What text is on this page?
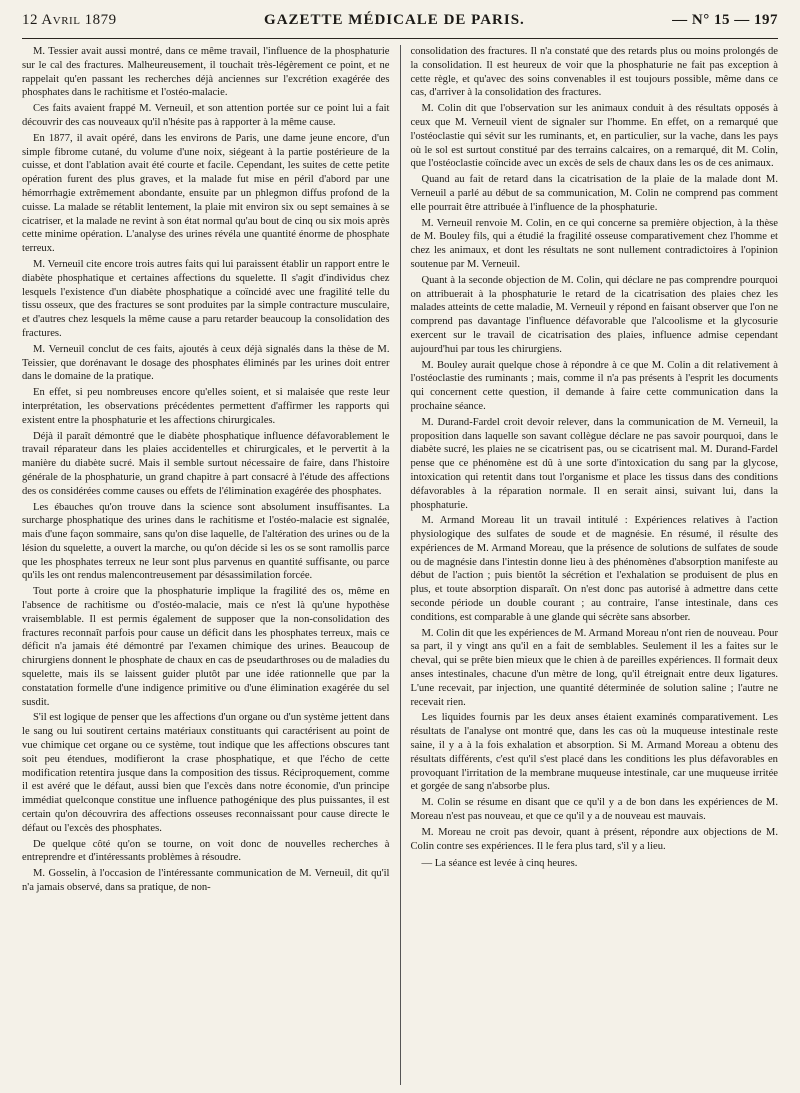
12 Avril 1879	GAZETTE MÉDICALE DE PARIS.	— N° 15 — 197

M. Tessier avait aussi montré, dans ce même travail, l'influence de la phosphaturie sur le cal des fractures. Malheureusement, il touchait très-légèrement ce point, et ne rappelait qu'en passant les recherches déjà anciennes sur l'excrétion exagérée des phosphates dans le rachitisme et l'ostéo-malacie.

Ces faits avaient frappé M. Verneuil, et son attention portée sur ce point lui a fait découvrir des cas nouveaux qu'il n'hésite pas à rapporter à la même cause.

En 1877, il avait opéré, dans les environs de Paris, une dame jeune encore, d'un simple fibrome cutané, du volume d'une noix, siégeant à la partie postérieure de la cuisse, et dont l'ablation avait été courte et facile. Cependant, les suites de cette petite opération furent des plus graves, et la malade fut mise en péril d'abord par une hémorrhagie extrêmement abondante, ensuite par un phlegmon diffus profond de la cuisse. La malade se rétablit lentement, la plaie mit environ six ou sept semaines à se cicatriser, et la malade ne revint à son état normal qu'au bout de cinq ou six mois après cette minime opération. L'analyse des urines révéla une quantité énorme de phosphate terreux.

M. Verneuil cite encore trois autres faits qui lui paraissent établir un rapport entre le diabète phosphatique et certaines affections du squelette. Il s'agit d'individus chez lesquels l'existence d'un diabète phosphatique a coïncidé avec une fragilité telle du tissu osseux, que des fractures se sont produites par la simple contracture musculaire, et d'autres chez lesquels la même cause a paru retarder beaucoup la consolidation des fractures.

M. Verneuil conclut de ces faits, ajoutés à ceux déjà signalés dans la thèse de M. Teissier, que dorénavant le dosage des phosphates éliminés par les urines doit entrer dans le domaine de la pratique.

En effet, si peu nombreuses encore qu'elles soient, et si malaisée que reste leur interprétation, les observations précédentes permettent d'affirmer les rapports qui existent entre la phosphaturie et les affections chirurgicales.

Déjà il paraît démontré que le diabète phosphatique influence défavorablement le travail réparateur dans les plaies accidentelles et chirurgicales, et le pervertit à la manière du diabète sucré. Mais il semble surtout nécessaire de faire, dans l'histoire générale de la phosphaturie, un grand chapitre à part consacré à l'étude des affections des os considérées comme causes ou effets de l'élimination exagérée des phosphates.

Les ébauches qu'on trouve dans la science sont absolument insuffisantes. La surcharge phosphatique des urines dans le rachitisme et l'ostéo-malacie est signalée, mais d'une façon sommaire, sans qu'on dise laquelle, de l'altération des urines ou de la lésion du squelette, a ouvert la marche, ou qu'on décide si les os se sont ramollis parce que les phosphates terreux ne leur sont plus parvenus en quantité suffisante, ou parce qu'ils les ont rendus malencontreusement par désassimilation forcée.

Tout porte à croire que la phosphaturie implique la fragilité des os, même en l'absence de rachitisme ou d'ostéo-malacie, mais ce n'est là qu'une hypothèse vraisemblable. Il est permis également de supposer que la non-consolidation des fractures reconnaît parfois pour cause un déficit dans les phosphates terreux, mais ce déficit n'a jamais été démontré par l'examen chimique des urines. Beaucoup de chirurgiens donnent le phosphate de chaux en cas de pseudarthroses ou de maladies du squelette, mais ils se laissent guider plutôt par une idée rationnelle que par la constatation formelle d'une indigence primitive ou d'une élimination exagérée du sel susdit.

S'il est logique de penser que les affections d'un organe ou d'un système jettent dans le sang ou lui soutirent certains matériaux constituants qui caractérisent au point de vue chimique cet organe ou ce système, tout indique que les affections obscures tant soit peu étendues, modifieront la crase phosphatique, et que l'écho de cette modification retentira jusque dans la composition des tissus. Réciproquement, comme il est avéré que le défaut, aussi bien que l'excès dans notre économie, d'un principe immédiat quelconque constitue une influence pathogénique des plus puissantes, il est certain qu'on découvrira des affections osseuses reconnaissant pour cause directe le défaut ou l'excès des phosphates.

De quelque côté qu'on se tourne, on voit donc de nouvelles recherches à entreprendre et d'intéressants problèmes à résoudre.

M. Gosselin, à l'occasion de l'intéressante communication de M. Verneuil, dit qu'il n'a jamais observé, dans sa pratique, de non-

consolidation des fractures. Il n'a constaté que des retards plus ou moins prolongés de la consolidation. Il est heureux de voir que la phosphaturie ne fait pas exception à cette règle, et qu'avec des soins convenables il est toujours possible, même dans ce cas, d'arriver à la consolidation des fractures.

M. Colin dit que l'observation sur les animaux conduit à des résultats opposés à ceux que M. Verneuil vient de signaler sur l'homme. En effet, on a remarqué que l'ostéoclastie qui sévit sur les ruminants, et, en particulier, sur la vache, dans les pays où le sol est surtout constitué par des terrains calcaires, on a remarqué, dit M. Colin, que l'ostéoclastie coïncide avec un excès de sels de chaux dans les os de ces animaux.

Quand au fait de retard dans la cicatrisation de la plaie de la malade dont M. Verneuil a parlé au début de sa communication, M. Colin ne comprend pas comment elle pourrait être attribuée à l'influence de la phosphaturie.

M. Verneuil renvoie M. Colin, en ce qui concerne sa première objection, à la thèse de M. Bouley fils, qui a étudié la fragilité osseuse comparativement chez l'homme et chez les animaux, et dont les résultats ne sont nullement contradictoires à l'opinion soutenue par M. Verneuil.

Quant à la seconde objection de M. Colin, qui déclare ne pas comprendre pourquoi on attribuerait à la phosphaturie le retard de la cicatrisation des plaies chez les malades atteints de cette maladie, M. Verneuil y répond en faisant observer que l'on ne comprend pas davantage l'influence défavorable que l'alcoolisme et la glycosurie exercent sur le travail de cicatrisation des plaies, influence admise cependant aujourd'hui par tous les chirurgiens.

M. Bouley aurait quelque chose à répondre à ce que M. Colin a dit relativement à l'ostéoclastie des ruminants ; mais, comme il n'a pas présents à l'esprit les documents qui concernent cette question, il demande à faire cette communication dans la prochaine séance.

M. Durand-Fardel croit devoir relever, dans la communication de M. Verneuil, la proposition dans laquelle son savant collègue déclare ne pas savoir pourquoi, dans le diabète sucré, les plaies ne se cicatrisent pas, ou se cicatrisent mal. M. Durand-Fardel pense que ce phénomène est dû à une sorte d'intoxication du sang par la glycose, intoxication qui retentit dans tout l'organisme et place les tissus dans des conditions défavorables à la réparation normale. Il en serait ainsi, suivant lui, dans la phosphaturie.

M. Armand Moreau lit un travail intitulé : Expériences relatives à l'action physiologique des sulfates de soude et de magnésie. En résumé, il résulte des expériences de M. Armand Moreau, que la présence de solutions de sulfates de soude ou de magnésie dans l'intestin donne lieu à des phénomènes d'absorption manifeste au début de l'action ; puis bientôt la sécrétion et l'exhalation se produisent de plus en plus, et toute absorption disparaît. On n'est donc pas autorisé à admettre dans cette seconde période un double courant ; au contraire, l'anse intestinale, dans ces conditions, est comparable à une glande qui sécrète sans absorber.

M. Colin dit que les expériences de M. Armand Moreau n'ont rien de nouveau. Pour sa part, il y vingt ans qu'il en a fait de semblables. Seulement il les a faites sur le cheval, qui se prête bien mieux que le chien à de pareilles expériences. Il formait deux anses intestinales, chacune d'un mètre de long, qu'il étreignait entre deux ligatures. L'une recevait, par injection, une quantité déterminée de solution saline ; l'autre ne recevait rien.

Les liquides fournis par les deux anses étaient examinés comparativement. Les résultats de l'analyse ont montré que, dans les cas où la muqueuse intestinale reste saine, il y a à la fois exhalation et absorption. Si M. Armand Moreau a obtenu des résultats différents, c'est qu'il s'est placé dans les conditions les plus défavorables en provoquant l'irritation de la membrane muqueuse intestinale, car une muqueuse irritée et gorgée de sang n'absorbe plus.

M. Colin se résume en disant que ce qu'il y a de bon dans les expériences de M. Moreau n'est pas nouveau, et que ce qu'il y a de nouveau est mauvais.

M. Moreau ne croit pas devoir, quant à présent, répondre aux objections de M. Colin contre ses expériences. Il le fera plus tard, s'il y a lieu.

— La séance est levée à cinq heures.
